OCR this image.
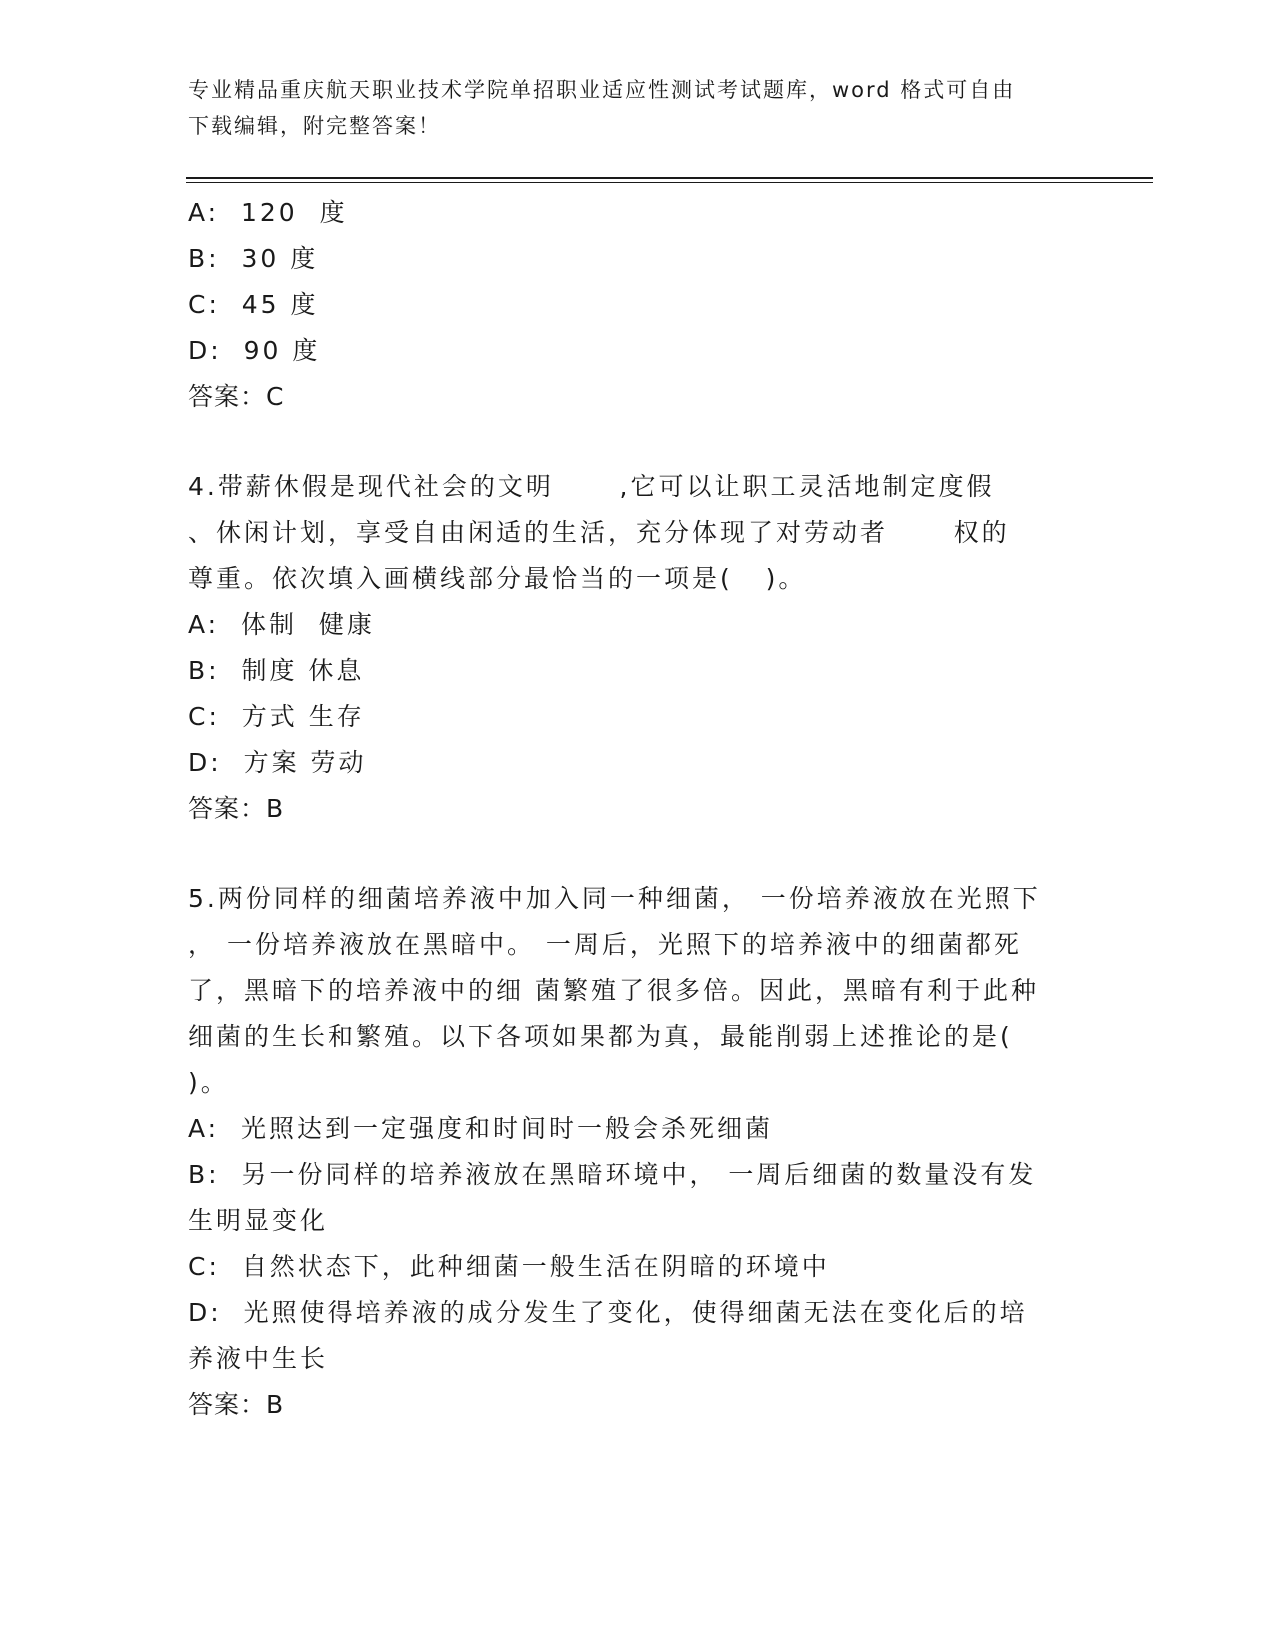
专业精品重庆航天职业技术学院单招职业适应性测试考试题库，word 格式可自由
下载编辑，附完整答案！
A:  120  度
B:  30 度
C:  45 度
D:  90 度
答案：C
4.带薪休假是现代社会的文明      ,它可以让职工灵活地制定度假
、休闲计划，享受自由闲适的生活，充分体现了对劳动者      权的
尊重。依次填入画横线部分最恰当的一项是(   )。
A:  体制  健康
B:  制度 休息
C:  方式 生存
D:  方案 劳动
答案：B
5.两份同样的细菌培养液中加入同一种细菌， 一份培养液放在光照下
， 一份培养液放在黑暗中。 一周后，光照下的培养液中的细菌都死
了，黑暗下的培养液中的细 菌繁殖了很多倍。因此，黑暗有利于此种
细菌的生长和繁殖。以下各项如果都为真，最能削弱上述推论的是(
)。
A:  光照达到一定强度和时间时一般会杀死细菌
B:  另一份同样的培养液放在黑暗环境中， 一周后细菌的数量没有发
生明显变化
C:  自然状态下，此种细菌一般生活在阴暗的环境中
D:  光照使得培养液的成分发生了变化，使得细菌无法在变化后的培
养液中生长
答案：B
